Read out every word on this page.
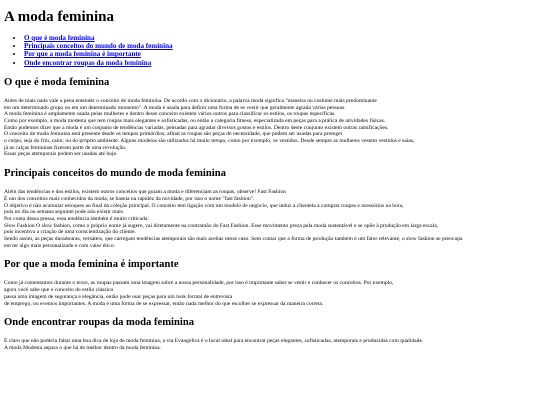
A moda feminina
• O que é moda feminina
• Principais conceitos do mundo de moda feminina
• Por que a moda feminina é importante
• Onde encontrar roupas da moda feminina
O que é moda feminina

Antes de mais nada vale a pena entender o conceito de moda feminina. De acordo com o dicionário, a palavra moda significa "maneira ou costume mais predominante
em um determinado grupo ou em um determinado momento". A moda é usada para definir uma forma de se vestir que geralmente agrada várias pessoas.
A moda feminina é amplamente usada pelas mulheres e dentro desse conceito existem vários outros para classificar os estilos, os roupas específicas.
Como por exemplo, a moda modesta que tem roupas mais elegantes e sofisticadas, ou então a categoria fitness, especializada em peças para a prática de atividades físicas.
Então podemos dizer que a moda é um conjunto de tendências variadas, pensadas para agradar diversos gostos e estilos. Dentro deste conjunto existem outras ramificações.
O conceito de moda feminina está presente desde os tempos primórdios, afinal as roupas são peças de necessidade, que podem ser usadas para proteger
o corpo, seja do frio, calor, ou do próprio ambiente. Alguns modelos são utilizados há muito tempo, como por exemplo, os vestidos. Desde sempre as mulheres vestem vestidos e saias,
já as calças femininas fizeram parte de uma revolução.
Essas peças atemporais podem ser usadas até hoje.

Principais conceitos do mundo de moda feminina

Além das tendências e dos estilos, existem outros conceitos que guiam a moda e diferenciam as roupas, observe! Fast Fashion
É um dos conceitos mais conhecidos da moda, se baseia na rapidez da novidade, por isso o nome "fast fashion".
O objetivo é não acumular estoques ao final da coleção principal. O conceito tem ligação com um modelo de negócio, que induz a clientela a comprar roupas e acessórios na hora,
pois no dia ou semana seguinte pode não existir mais.
Por conta dessa pressa, essa tendência também é muito criticada.
Slow Fashion O slow fashion, como o próprio nome já sugere, vai diretamente na contramão do Fast Fashion. Esse movimento preza pela moda sustentável e se opõe à produção em larga escala,
pois incentiva a criação de uma conscientização do cliente.
Sendo assim, as peças duradouras, versáteis, que carregam tendências atemporais são mais aceitas nesse caso. Sem contar que a forma de produção também é um fator relevante, o slow fashion se preocupa
em ter algo mais personalizado e com valor ético.

Por que a moda feminina é importante

Como já comentamos durante o texto, as roupas passam uma imagem sobre a nossa personalidade, por isso é importante saber se vestir e conhecer os conceitos. Por exemplo,
agora você sabe que o conceito do estilo clássico
passa uma imagem de segurança e elegância, então pode usar peças para um look formal de entrevista
de emprego, ou eventos importantes. A moda é uma forma de se expressar, então nada melhor do que escolher se expressar da maneira correta.

Onde encontrar roupas da moda feminina

É claro que não poderia faltar uma boa dica de loja de moda feminina, a via Evangélica é o local ideal para encontrar peças elegantes, sofisticadas, atemporais e produzidas com qualidade.
A moda Modesta separa o que há de melhor dentro da moda feminina.
